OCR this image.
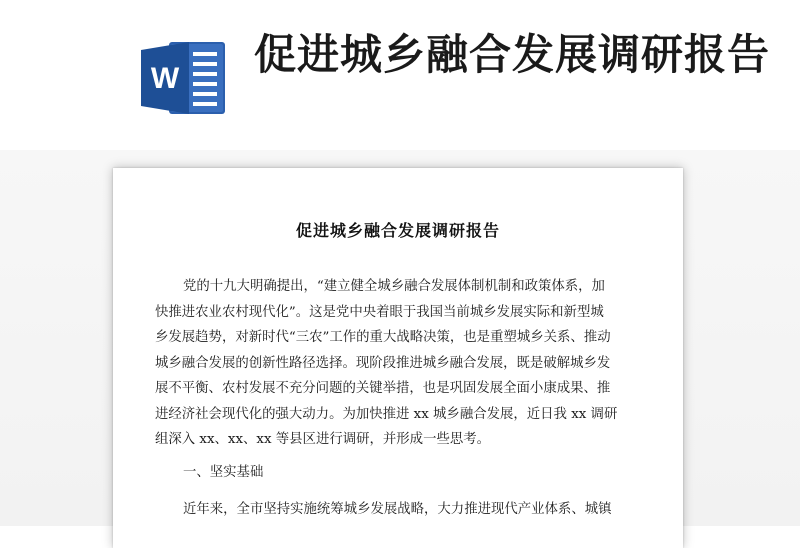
W 促进城乡融合发展调研报告
促进城乡融合发展调研报告
党的十九大明确提出，“建立健全城乡融合发展体制机制和政策体系，加
快推进农业农村现代化”。这是党中央着眼于我国当前城乡发展实际和新型城
乡发展趋势，对新时代“三农”工作的重大战略决策，也是重塑城乡关系、推动
城乡融合发展的创新性路径选择。现阶段推进城乡融合发展，既是破解城乡发
展不平衡、农村发展不充分问题的关键举措，也是巩固发展全面小康成果、推
进经济社会现代化的强大动力。为加快推进 xx 城乡融合发展，近日我 xx 调研
组深入 xx、xx、xx 等县区进行调研，并形成一些思考。
一、坚实基础
近年来，全市坚持实施统筹城乡发展战略，大力推进现代产业体系、城镇
